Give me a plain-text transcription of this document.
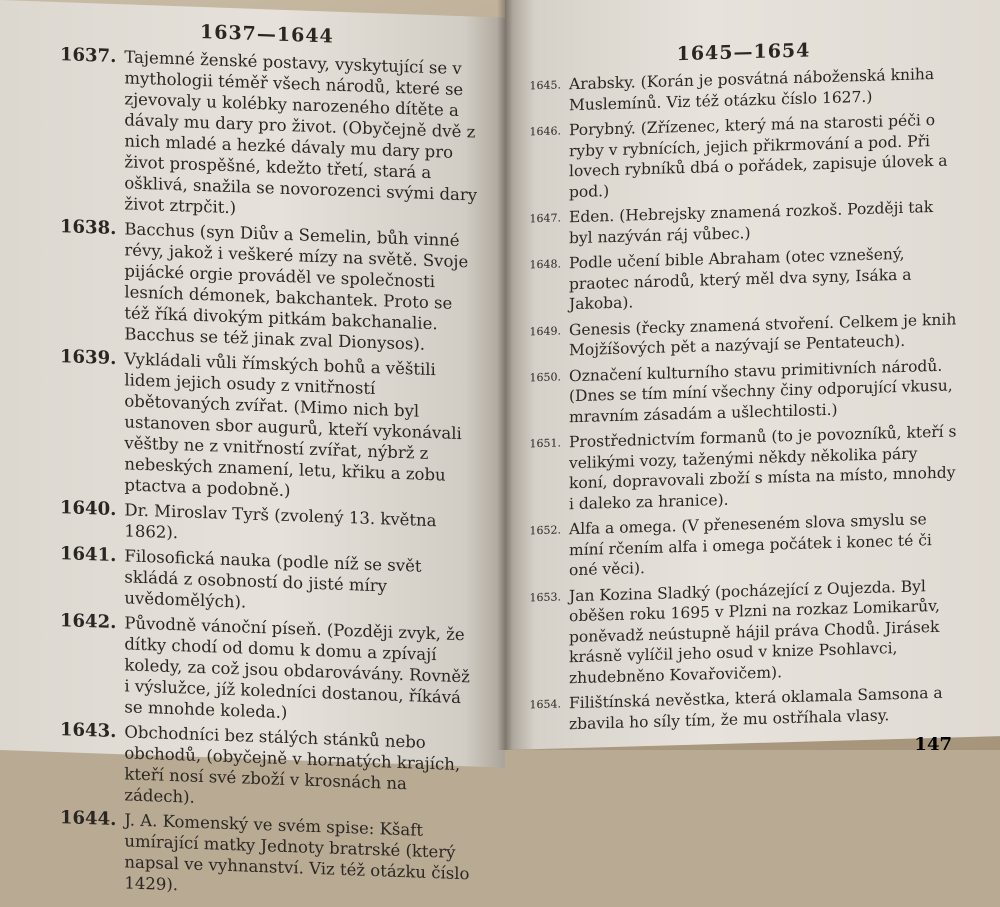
1637—1644
1637. Tajemné ženské postavy, vyskytující se v mythologii téměř všech národů, které se zjevovaly u kolébky narozeného dítěte a dávaly mu dary pro život. (Obyčejně dvě z nich mladé a hezké dávaly mu dary pro život prospěšné, kdežto třetí, stará a ošklivá, snažila se novorozenci svými dary život ztrpčit.)
1638. Bacchus (syn Diův a Semelin, bůh vinné révy, jakož i veškeré mízy na světě. Svoje pijácké orgie prováděl ve společnosti lesních démonek, bakchantek. Proto se též říká divokým pitkám bakchanalie. Bacchus se též jinak zval Dionysos).
1639. Vykládali vůli římských bohů a věštili lidem jejich osudy z vnitřností obětovaných zvířat. (Mimo nich byl ustanoven sbor augurů, kteří vykonávali věštby ne z vnitřností zvířat, nýbrž z nebeských znamení, letu, křiku a zobu ptactva a podobně.)
1640. Dr. Miroslav Tyrš (zvolený 13. května 1862).
1641. Filosofická nauka (podle níž se svět skládá z osobností do jisté míry uvědomělých).
1642. Původně vánoční píseň. (Později zvyk, že dítky chodí od domu k domu a zpívají koledy, za což jsou obdarovávány. Rovněž i výslužce, jíž koledníci dostanou, říkává se mnohde koleda.)
1643. Obchodníci bez stálých stánků nebo obchodů, (obyčejně v hornatých krajích, kteří nosí své zboží v krosnách na zádech).
1644. J. A. Komenský ve svém spise: Kšaft umírající matky Jednoty bratrské (který napsal ve vyhnanství. Viz též otázku číslo 1429).
1645—1654
1645. Arabsky. (Korán je posvátná náboženská kniha Muslemínů. Viz též otázku číslo 1627.)
1646. Porybný. (Zřízenec, který má na starosti péči o ryby v rybnících, jejich přikrmování a pod. Při lovech rybníků dbá o pořádek, zapisuje úlovek a pod.)
1647. Eden. (Hebrejsky znamená rozkoš. Později tak byl nazýván ráj vůbec.)
1648. Podle učení bible Abraham (otec vznešený, praotec národů, který měl dva syny, Isáka a Jakoba).
1649. Genesis (řecky znamená stvoření. Celkem je knih Mojžíšových pět a nazývají se Pentateuch).
1650. Označení kulturního stavu primitivních národů. (Dnes se tím míní všechny činy odporující vkusu, mravním zásadám a ušlechtilosti.)
1651. Prostřednictvím formanů (to je povozníků, kteří s velikými vozy, taženými někdy několika páry koní, dopravovali zboží s místa na místo, mnohdy i daleko za hranice).
1652. Alfa a omega. (V přeneseném slova smyslu se míní rčením alfa i omega počátek i konec té či oné věci).
1653. Jan Kozina Sladký (pocházející z Oujezda. Byl oběšen roku 1695 v Plzni na rozkaz Lomikarův, poněvadž neústupně hájil práva Chodů. Jirásek krásně vylíčil jeho osud v knize Psohlavci, zhudebněno Kovařovičem).
1654. Filištínská nevěstka, která oklamala Samsona a zbavila ho síly tím, že mu ostříhala vlasy.
147
